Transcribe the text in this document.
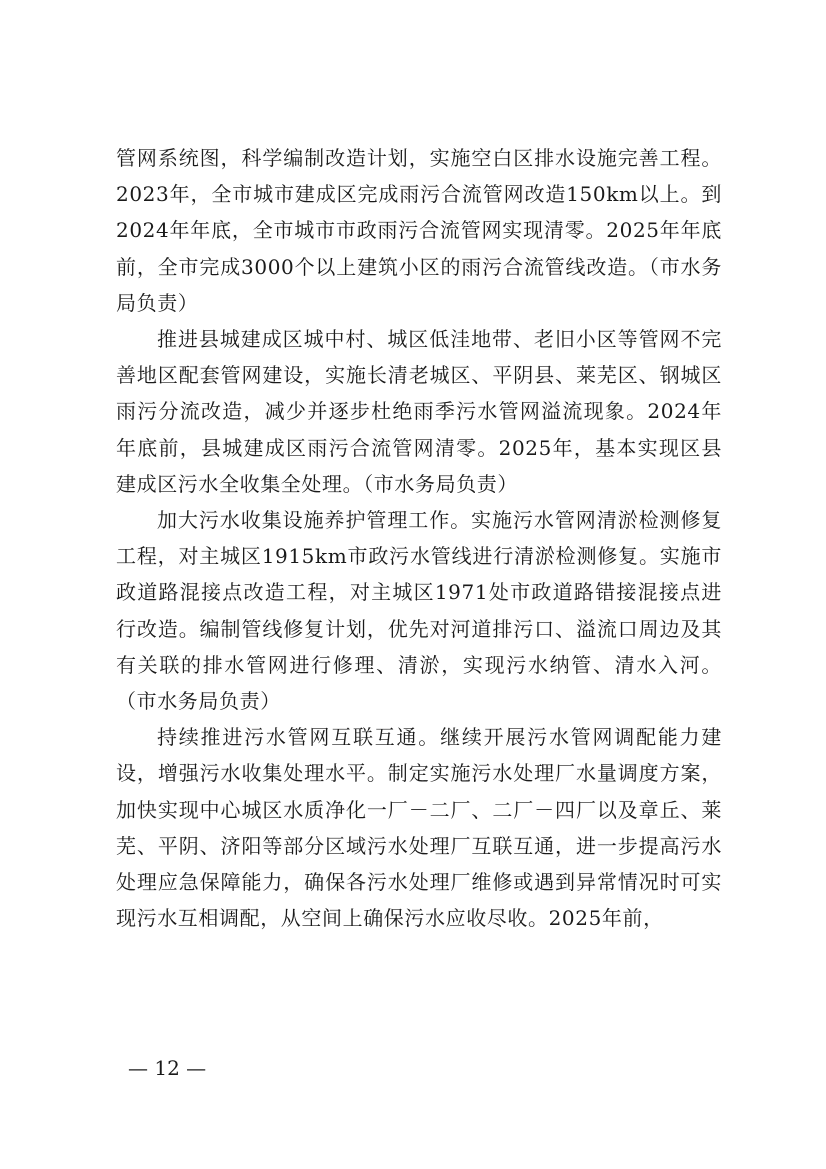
管网系统图，科学编制改造计划，实施空白区排水设施完善工程。2023年，全市城市建成区完成雨污合流管网改造150km以上。到2024年年底，全市城市市政雨污合流管网实现清零。2025年年底前，全市完成3000个以上建筑小区的雨污合流管线改造。（市水务局负责）

推进县城建成区城中村、城区低洼地带、老旧小区等管网不完善地区配套管网建设，实施长清老城区、平阴县、莱芜区、钢城区雨污分流改造，减少并逐步杜绝雨季污水管网溢流现象。2024年年底前，县城建成区雨污合流管网清零。2025年，基本实现区县建成区污水全收集全处理。（市水务局负责）

加大污水收集设施养护管理工作。实施污水管网清淤检测修复工程，对主城区1915km市政污水管线进行清淤检测修复。实施市政道路混接点改造工程，对主城区1971处市政道路错接混接点进行改造。编制管线修复计划，优先对河道排污口、溢流口周边及其有关联的排水管网进行修理、清淤，实现污水纳管、清水入河。（市水务局负责）

持续推进污水管网互联互通。继续开展污水管网调配能力建设，增强污水收集处理水平。制定实施污水处理厂水量调度方案，加快实现中心城区水质净化一厂－二厂、二厂－四厂以及章丘、莱芜、平阴、济阳等部分区域污水处理厂互联互通，进一步提高污水处理应急保障能力，确保各污水处理厂维修或遇到异常情况时可实现污水互相调配，从空间上确保污水应收尽收。2025年前，

— 12 —
